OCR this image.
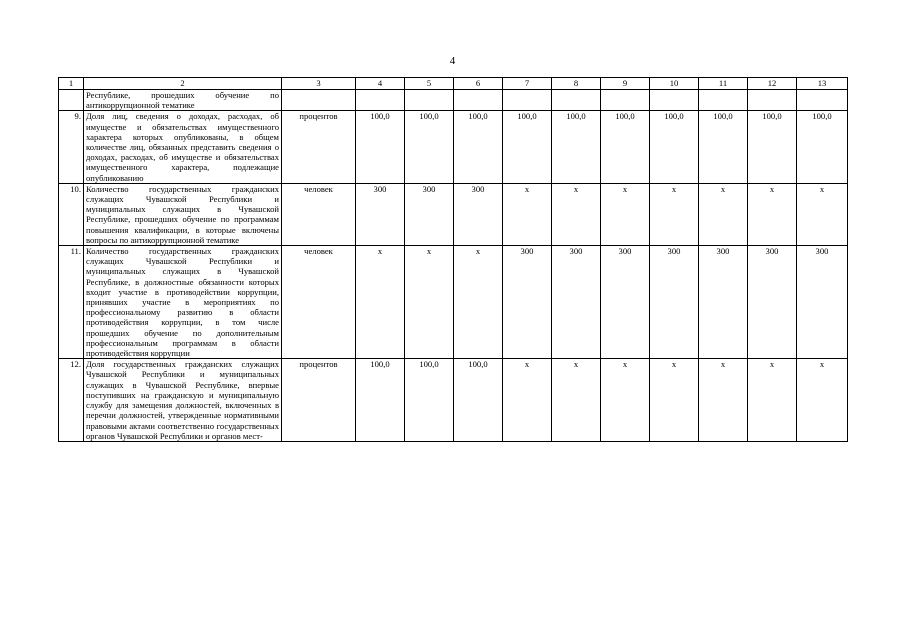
4
1	2	3	4	5	6	7	8	9	10	11	12	13
	Республике, прошедших обучение по антикоррупционной тематике											
9.	Доля лиц, сведения о доходах, расходах, об имуществе и обязательствах имущественного характера которых опубликованы, в общем количестве лиц, обязанных представить сведения о доходах, расходах, об имуществе и обязательствах имущественного характера, подлежащие опубликованию	процентов	100,0	100,0	100,0	100,0	100,0	100,0	100,0	100,0	100,0	100,0
10.	Количество государственных гражданских служащих Чувашской Республики и муниципальных служащих в Чувашской Республике, прошедших обучение по программам повышения квалификации, в которые включены вопросы по антикоррупционной тематике	человек	300	300	300	x	x	x	x	x	x	x
11.	Количество государственных гражданских служащих Чувашской Республики и муниципальных служащих в Чувашской Республике, в должностные обязанности которых входит участие в противодействии коррупции, принявших участие в мероприятиях по профессиональному развитию в области противодействия коррупции, в том числе прошедших обучение по дополнительным профессиональным программам в области противодействия коррупции	человек	x	x	x	300	300	300	300	300	300	300
12.	Доля государственных гражданских служащих Чувашской Республики и муниципальных служащих в Чувашской Республике, впервые поступивших на гражданскую и муниципальную службу для замещения должностей, включенных в перечни должностей, утвержденные нормативными правовыми актами соответственно государственных органов Чувашской Республики и органов мест-	процентов	100,0	100,0	100,0	x	x	x	x	x	x	x
